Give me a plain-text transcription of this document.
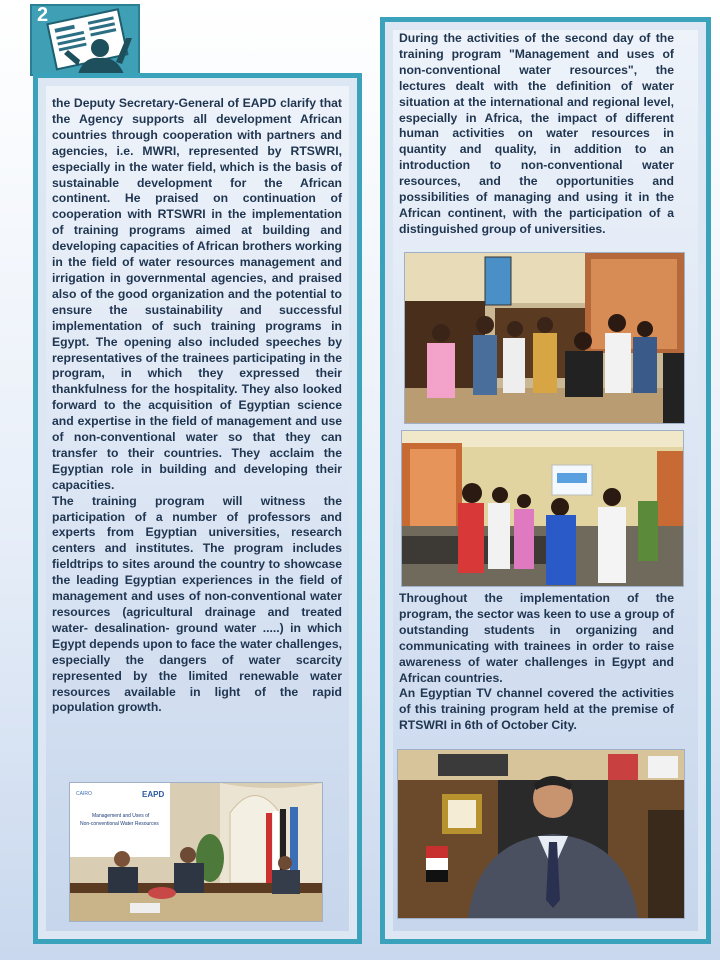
2

the Deputy Secretary-General of EAPD clarify that the Agency supports all development African countries through cooperation with partners and agencies, i.e. MWRI, represented by RTSWRI, especially in the water field, which is the basis of sustainable development for the African continent. He praised on continuation of cooperation with RTSWRI in the implementation of training programs aimed at building and developing capacities of African brothers working in the field of water resources management and irrigation in governmental agencies, and praised also of the good organization and the potential to ensure the sustainability and successful implementation of such training programs in Egypt. The opening also included speeches by representatives of the trainees participating in the program, in which they expressed their thankfulness for the hospitality. They also looked forward to the acquisition of Egyptian science and expertise in the field of management and use of non-conventional water so that they can transfer to their countries. They acclaim the Egyptian role in building and developing their capacities.

The training program will witness the participation of a number of professors and experts from Egyptian universities, research centers and institutes. The program includes fieldtrips to sites around the country to showcase the leading Egyptian experiences in the field of management and uses of non-conventional water resources (agricultural drainage and treated water- desalination- ground water .....) in which Egypt depends upon to face the water challenges, especially the dangers of water scarcity represented by the limited renewable water resources available in light of the rapid population growth.

CAIRO	EAPD
Management and Uses of
Non-conventional Water Resources

During the activities of the second day of the training program "Management and uses of non-conventional water resources", the lectures dealt with the definition of water situation at the international and regional level, especially in Africa, the impact of different human activities on water resources in quantity and quality, in addition to an introduction to non-conventional water resources, and the opportunities and possibilities of managing and using it in the African continent, with the participation of a distinguished group of universities.

Throughout the implementation of the program, the sector was keen to use a group of outstanding students in organizing and communicating with trainees in order to raise awareness of water challenges in Egypt and African countries.

An Egyptian TV channel covered the activities of this training program held at the premise of RTSWRI in 6th of October City.
